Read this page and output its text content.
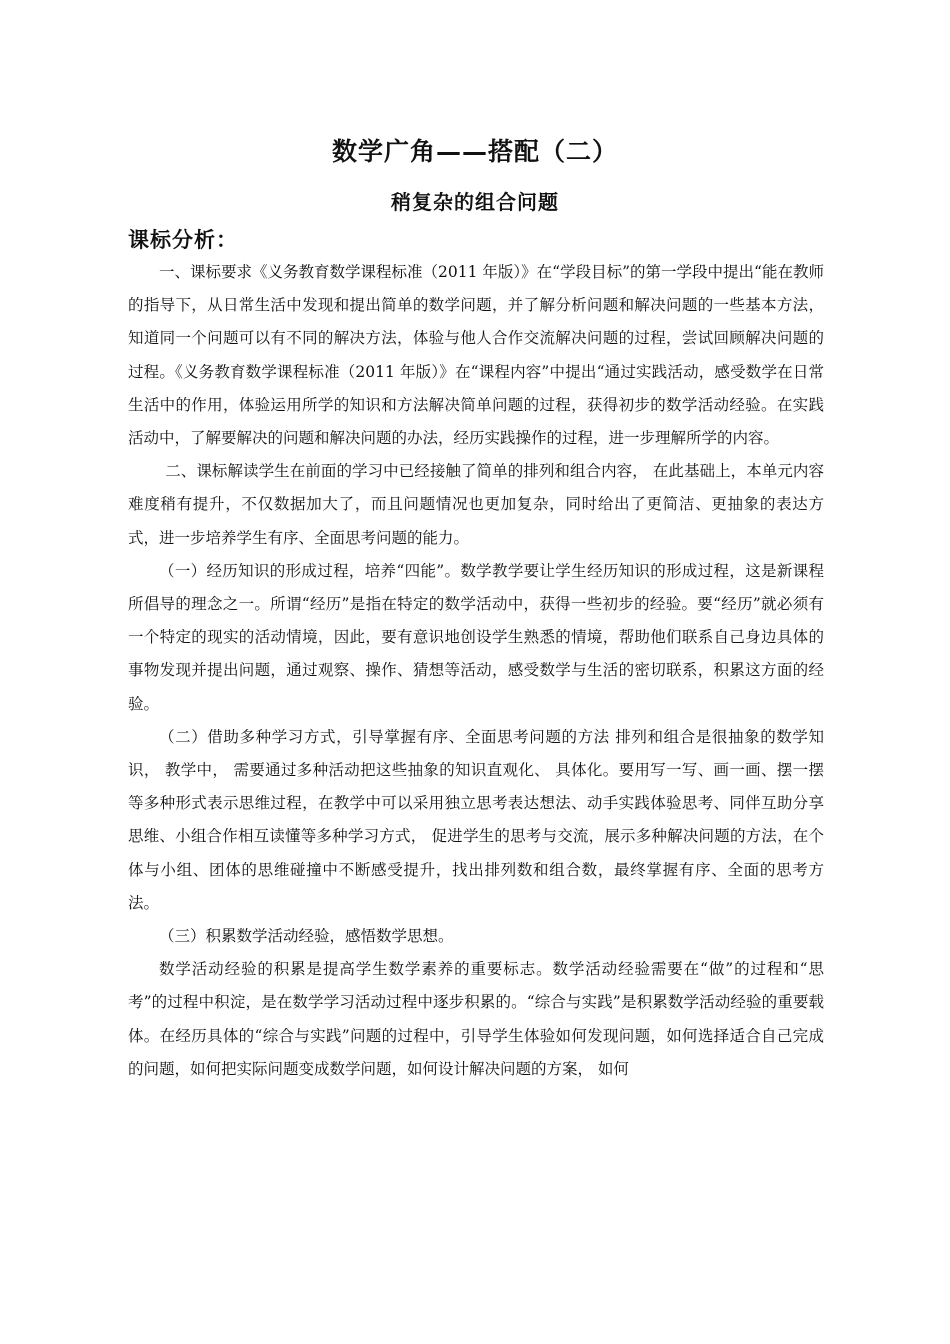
数学广角——搭配（二）
稍复杂的组合问题
课标分析：

一、课标要求《义务教育数学课程标准（2011 年版）》在“学段目标”的第一学段中提出“能在教师的指导下，从日常生活中发现和提出简单的数学问题，并了解分析问题和解决问题的一些基本方法，知道同一个问题可以有不同的解决方法，体验与他人合作交流解决问题的过程，尝试回顾解决问题的过程。《义务教育数学课程标准（2011 年版）》在“课程内容”中提出“通过实践活动，感受数学在日常生活中的作用，体验运用所学的知识和方法解决简单问题的过程，获得初步的数学活动经验。在实践活动中，了解要解决的问题和解决问题的办法，经历实践操作的过程，进一步理解所学的内容。

二、课标解读学生在前面的学习中已经接触了简单的排列和组合内容， 在此基础上，本单元内容难度稍有提升，不仅数据加大了，而且问题情况也更加复杂，同时给出了更简洁、更抽象的表达方式，进一步培养学生有序、全面思考问题的能力。

（一）经历知识的形成过程，培养“四能”。数学教学要让学生经历知识的形成过程，这是新课程所倡导的理念之一。所谓“经历”是指在特定的数学活动中，获得一些初步的经验。要“经历”就必须有一个特定的现实的活动情境，因此，要有意识地创设学生熟悉的情境，帮助他们联系自己身边具体的事物发现并提出问题，通过观察、操作、猜想等活动，感受数学与生活的密切联系，积累这方面的经验。

（二）借助多种学习方式，引导掌握有序、全面思考问题的方法 排列和组合是很抽象的数学知识， 教学中， 需要通过多种活动把这些抽象的知识直观化、 具体化。要用写一写、画一画、摆一摆等多种形式表示思维过程，在教学中可以采用独立思考表达想法、动手实践体验思考、同伴互助分享思维、小组合作相互读懂等多种学习方式， 促进学生的思考与交流，展示多种解决问题的方法，在个体与小组、团体的思维碰撞中不断感受提升，找出排列数和组合数，最终掌握有序、全面的思考方法。

（三）积累数学活动经验，感悟数学思想。

数学活动经验的积累是提高学生数学素养的重要标志。数学活动经验需要在“做”的过程和“思考”的过程中积淀，是在数学学习活动过程中逐步积累的。“综合与实践”是积累数学活动经验的重要载体。在经历具体的“综合与实践”问题的过程中，引导学生体验如何发现问题，如何选择适合自己完成的问题，如何把实际问题变成数学问题，如何设计解决问题的方案， 如何
